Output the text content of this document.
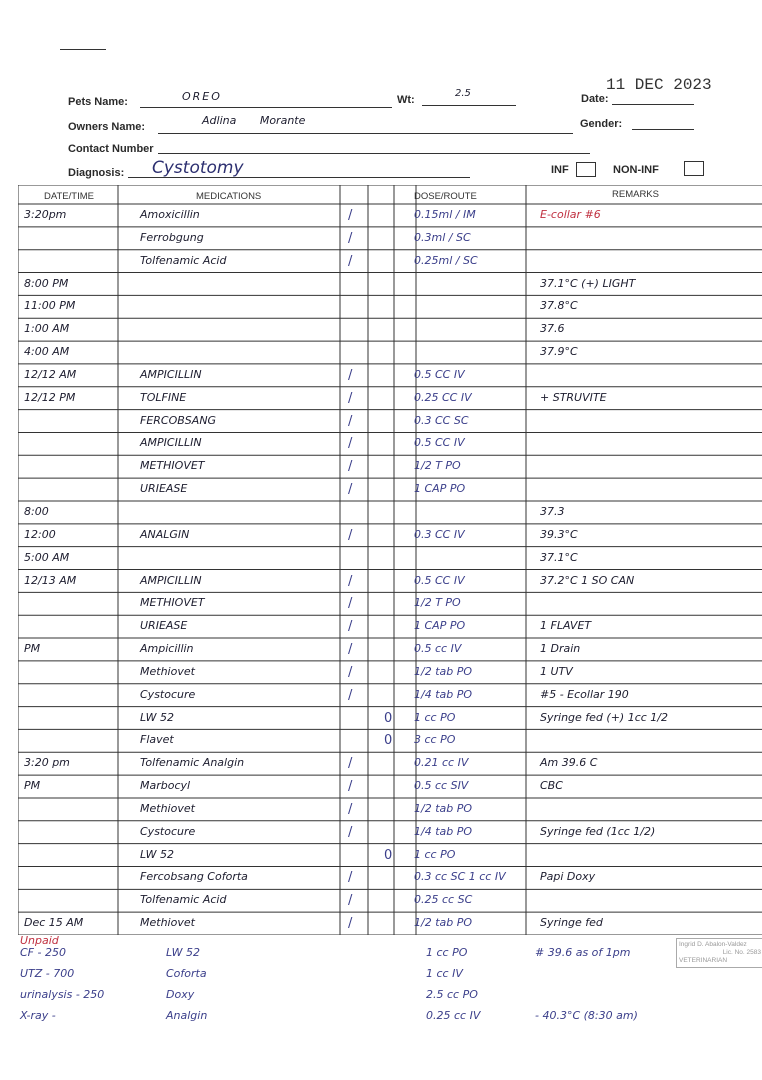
Pets Name:	OREO	Wt:
2.5	Date:
11 DEC 2023
Owners Name:	Adlina Morante	Gender:
Contact Number
Diagnosis: Cystotomy	INF	NON-INF
DATE/TIME	MEDICATIONS	DOSE/ROUTE	REMARKS
3:20pm	Amoxicillin	/	0.15ml / IM	E-collar #6
Ferrobgung	/	0.3ml / SC
Tolfenamic Acid	/	0.25ml / SC
8:00 PM	37.1°C (+) LIGHT
11:00 PM	37.8°C
1:00 AM	37.6
4:00 AM	37.9°C
12/12 AM	AMPICILLIN	/	0.5 CC IV
12/12 PM	TOLFINE	/	0.25 CC IV	+ STRUVITE
FERCOBSANG	/	0.3 CC SC
AMPICILLIN	/	0.5 CC IV
METHIOVET	/	1/2 T PO
URIEASE	/	1 CAP PO
8:00	37.3
12:00	ANALGIN	/	0.3 CC IV	39.3°C
5:00 AM	37.1°C
12/13 AM	AMPICILLIN	/	0.5 CC IV	37.2°C 1 SO CAN
METHIOVET	/	1/2 T PO
URIEASE	/	1 CAP PO	1 FLAVET
PM	Ampicillin	/	0.5 cc IV	1 Drain
Methiovet	/	1/2 tab PO	1 UTV
Cystocure	/	1/4 tab PO	#5 - Ecollar 190
LW 52	0 1 cc PO	Syringe fed (+) 1cc 1/2
Flavet	0 3 cc PO
3:20 pm	Tolfenamic Analgin	/	0.21 cc IV	Am 39.6 C
PM	Marbocyl	/	0.5 cc SIV	CBC
Methiovet	/	1/2 tab PO
Cystocure	/	1/4 tab PO	Syringe fed (1cc 1/2)
LW 52	0 1 cc PO
Fercobsang Coforta	/	0.3 cc SC 1 cc IV	Papi Doxy
Tolfenamic Acid	/	0.25 cc SC
Dec 15 AM	Methiovet	/	1/2 tab PO	Syringe fed
Unpaid
CF - 250	LW 52	1 cc PO	# 39.6 as of 1pm
UTZ - 700	Coforta	1 cc IV
urinalysis - 250	Doxy	2.5 cc PO
X-ray -	Analgin	0.25 cc IV	- 40.3°C (8:30 am)
Ingrid D. Abalon-Valdez
Lic. No. 2583
VETERINARIAN
